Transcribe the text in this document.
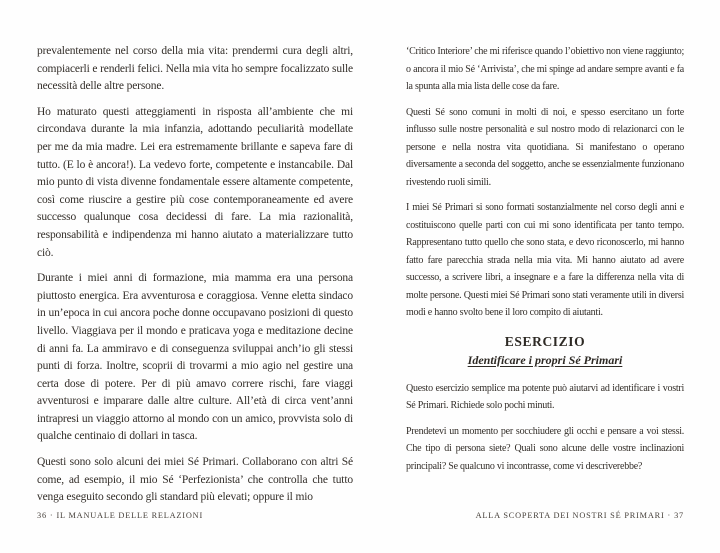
prevalentemente nel corso della mia vita: prendermi cura degli altri, compiacerli e renderli felici. Nella mia vita ho sempre focalizzato sulle necessità delle altre persone.

Ho maturato questi atteggiamenti in risposta all’ambiente che mi circondava durante la mia infanzia, adottando peculiarità modellate per me da mia madre. Lei era estremamente brillante e sapeva fare di tutto. (E lo è ancora!). La vedevo forte, competente e instancabile. Dal mio punto di vista divenne fondamentale essere altamente competente, così come riuscire a gestire più cose contemporaneamente ed avere successo qualunque cosa decidessi di fare. La mia razionalità, responsabilità e indipendenza mi hanno aiutato a materializzare tutto ciò.

Durante i miei anni di formazione, mia mamma era una persona piuttosto energica. Era avventurosa e coraggiosa. Venne eletta sindaco in un’epoca in cui ancora poche donne occupavano posizioni di questo livello. Viaggiava per il mondo e praticava yoga e meditazione decine di anni fa. La ammiravo e di conseguenza sviluppai anch’io gli stessi punti di forza. Inoltre, scoprii di trovarmi a mio agio nel gestire una certa dose di potere. Per di più amavo correre rischi, fare viaggi avventurosi e imparare dalle altre culture. All’età di circa vent’anni intrapresi un viaggio attorno al mondo con un amico, provvista solo di qualche centinaio di dollari in tasca.

Questi sono solo alcuni dei miei Sé Primari. Collaborano con altri Sé come, ad esempio, il mio Sé ‘Perfezionista’ che controlla che tutto venga eseguito secondo gli standard più elevati; oppure il mio

‘Critico Interiore’ che mi riferisce quando l’obiettivo non viene raggiunto; o ancora il mio Sé ‘Arrivista’, che mi spinge ad andare sempre avanti e fa la spunta alla mia lista delle cose da fare.

Questi Sé sono comuni in molti di noi, e spesso esercitano un forte influsso sulle nostre personalità e sul nostro modo di relazionarci con le persone e nella nostra vita quotidiana. Si manifestano o operano diversamente a seconda del soggetto, anche se essenzialmente funzionano rivestendo ruoli simili.

I miei Sé Primari si sono formati sostanzialmente nel corso degli anni e costituiscono quelle parti con cui mi sono identificata per tanto tempo. Rappresentano tutto quello che sono stata, e devo riconoscerlo, mi hanno fatto fare parecchia strada nella mia vita. Mi hanno aiutato ad avere successo, a scrivere libri, a insegnare e a fare la differenza nella vita di molte persone. Questi miei Sé Primari sono stati veramente utili in diversi modi e hanno svolto bene il loro compito di aiutanti.

ESERCIZIO
Identificare i propri Sé Primari

Questo esercizio semplice ma potente può aiutarvi ad identificare i vostri Sé Primari. Richiede solo pochi minuti.

Prendetevi un momento per socchiudere gli occhi e pensare a voi stessi. Che tipo di persona siete? Quali sono alcune delle vostre inclinazioni principali? Se qualcuno vi incontrasse, come vi descriverebbe?

36 · IL MANUALE DELLE RELAZIONI	ALLA SCOPERTA DEI NOSTRI SÉ PRIMARI · 37
